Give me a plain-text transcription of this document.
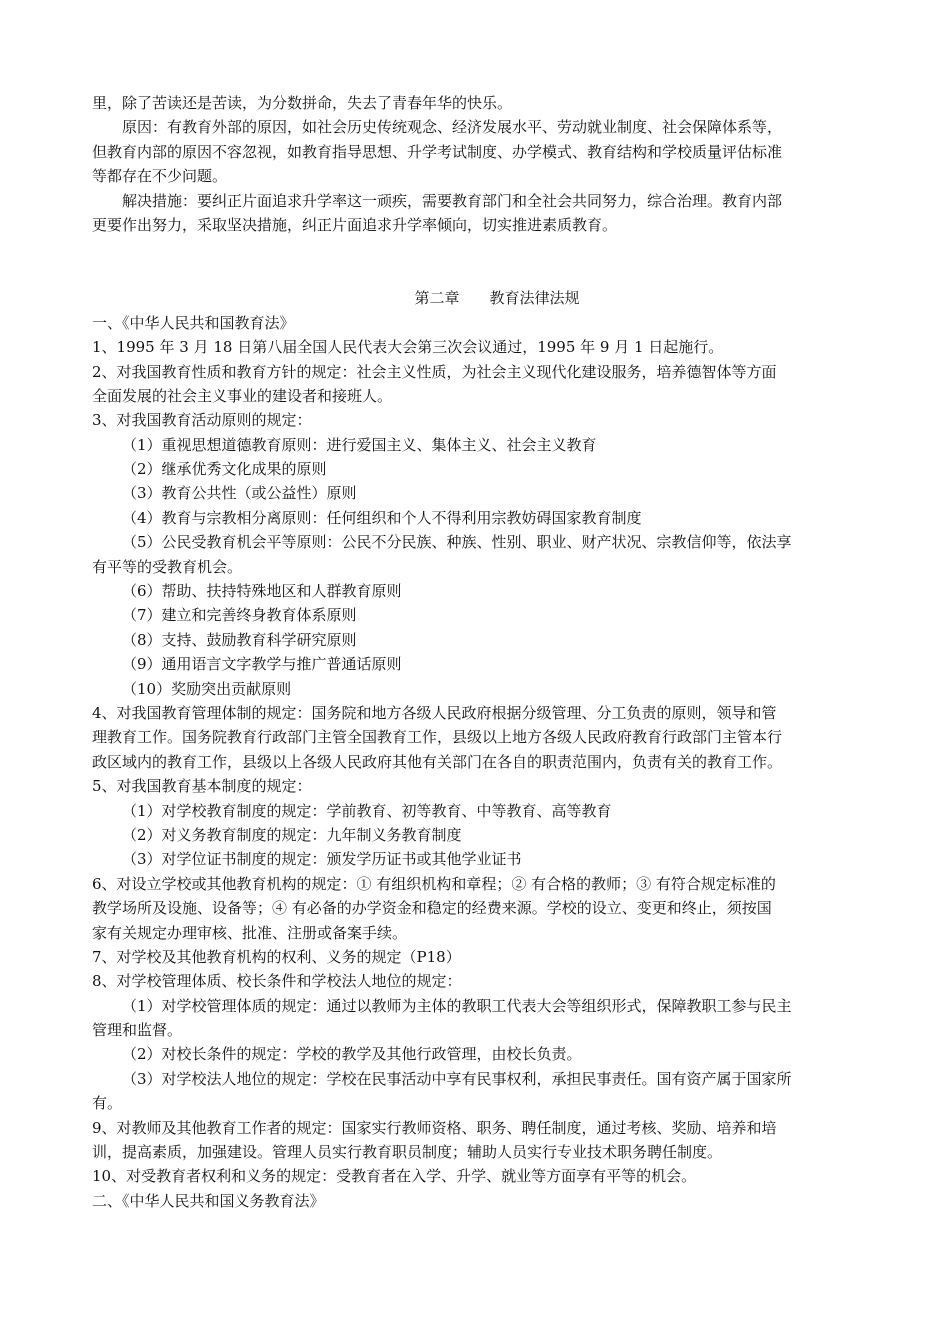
里，除了苦读还是苦读，为分数拼命，失去了青春年华的快乐。
原因：有教育外部的原因，如社会历史传统观念、经济发展水平、劳动就业制度、社会保障体系等，
但教育内部的原因不容忽视，如教育指导思想、升学考试制度、办学模式、教育结构和学校质量评估标准
等都存在不少问题。
解决措施：要纠正片面追求升学率这一顽疾，需要教育部门和全社会共同努力，综合治理。教育内部
更要作出努力，采取坚决措施，纠正片面追求升学率倾向，切实推进素质教育。
第二章 教育法律法规
一、《中华人民共和国教育法》
1、1995 年 3 月 18 日第八届全国人民代表大会第三次会议通过，1995 年 9 月 1 日起施行。
2、对我国教育性质和教育方针的规定：社会主义性质，为社会主义现代化建设服务，培养德智体等方面
全面发展的社会主义事业的建设者和接班人。
3、对我国教育活动原则的规定：
（1）重视思想道德教育原则：进行爱国主义、集体主义、社会主义教育
（2）继承优秀文化成果的原则
（3）教育公共性（或公益性）原则
（4）教育与宗教相分离原则：任何组织和个人不得利用宗教妨碍国家教育制度
（5）公民受教育机会平等原则：公民不分民族、种族、性别、职业、财产状况、宗教信仰等，依法享
有平等的受教育机会。
（6）帮助、扶持特殊地区和人群教育原则
（7）建立和完善终身教育体系原则
（8）支持、鼓励教育科学研究原则
（9）通用语言文字教学与推广普通话原则
（10）奖励突出贡献原则
4、对我国教育管理体制的规定：国务院和地方各级人民政府根据分级管理、分工负责的原则，领导和管
理教育工作。国务院教育行政部门主管全国教育工作，县级以上地方各级人民政府教育行政部门主管本行
政区域内的教育工作，县级以上各级人民政府其他有关部门在各自的职责范围内，负责有关的教育工作。
5、对我国教育基本制度的规定：
（1）对学校教育制度的规定：学前教育、初等教育、中等教育、高等教育
（2）对义务教育制度的规定：九年制义务教育制度
（3）对学位证书制度的规定：颁发学历证书或其他学业证书
6、对设立学校或其他教育机构的规定：① 有组织机构和章程；② 有合格的教师；③ 有符合规定标准的
教学场所及设施、设备等；④ 有必备的办学资金和稳定的经费来源。学校的设立、变更和终止，须按国
家有关规定办理审核、批准、注册或备案手续。
7、对学校及其他教育机构的权利、义务的规定（P18）
8、对学校管理体质、校长条件和学校法人地位的规定：
（1）对学校管理体质的规定：通过以教师为主体的教职工代表大会等组织形式，保障教职工参与民主
管理和监督。
（2）对校长条件的规定：学校的教学及其他行政管理，由校长负责。
（3）对学校法人地位的规定：学校在民事活动中享有民事权利，承担民事责任。国有资产属于国家所
有。
9、对教师及其他教育工作者的规定：国家实行教师资格、职务、聘任制度，通过考核、奖励、培养和培
训，提高素质，加强建设。管理人员实行教育职员制度；辅助人员实行专业技术职务聘任制度。
10、对受教育者权利和义务的规定：受教育者在入学、升学、就业等方面享有平等的机会。
二、《中华人民共和国义务教育法》
